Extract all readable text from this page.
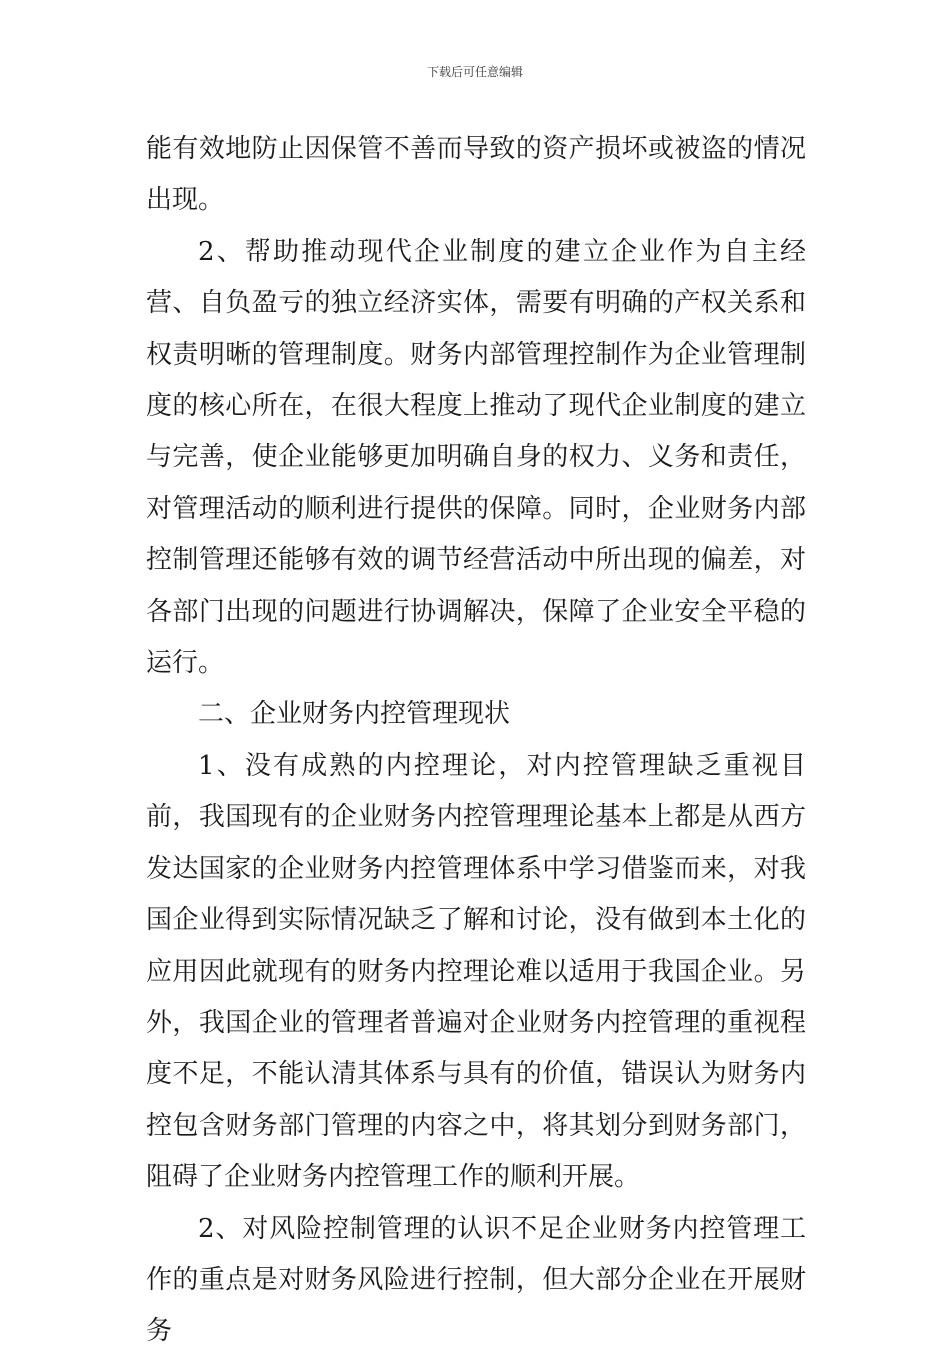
下载后可任意编辑

能有效地防止因保管不善而导致的资产损坏或被盗的情况出现。

2、帮助推动现代企业制度的建立企业作为自主经营、自负盈亏的独立经济实体，需要有明确的产权关系和权责明晰的管理制度。财务内部管理控制作为企业管理制度的核心所在，在很大程度上推动了现代企业制度的建立与完善，使企业能够更加明确自身的权力、义务和责任，对管理活动的顺利进行提供的保障。同时，企业财务内部控制管理还能够有效的调节经营活动中所出现的偏差，对各部门出现的问题进行协调解决，保障了企业安全平稳的运行。

二、企业财务内控管理现状

1、没有成熟的内控理论，对内控管理缺乏重视目前，我国现有的企业财务内控管理理论基本上都是从西方发达国家的企业财务内控管理体系中学习借鉴而来，对我国企业得到实际情况缺乏了解和讨论，没有做到本土化的应用因此就现有的财务内控理论难以适用于我国企业。另外，我国企业的管理者普遍对企业财务内控管理的重视程度不足，不能认清其体系与具有的价值，错误认为财务内控包含财务部门管理的内容之中，将其划分到财务部门，阻碍了企业财务内控管理工作的顺利开展。

2、对风险控制管理的认识不足企业财务内控管理工作的重点是对财务风险进行控制，但大部分企业在开展财务
